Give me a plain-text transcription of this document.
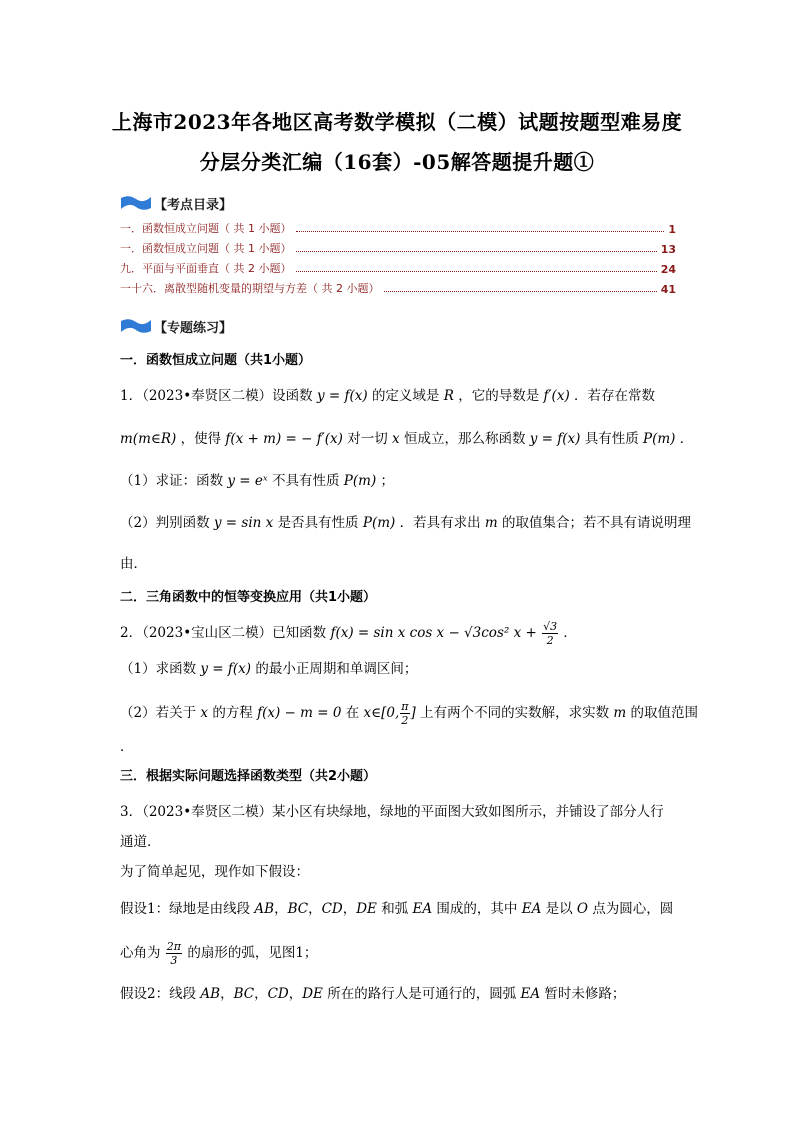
上海市2023年各地区高考数学模拟（二模）试题按题型难易度
分层分类汇编（16套）-05解答题提升题①
【考点目录】
一．函数恒成立问题（ 共 1 小题）	1
一．函数恒成立问题（ 共 1 小题）	13
九．平面与平面垂直（ 共 2 小题）	24
一十六．离散型随机变量的期望与方差（ 共 2 小题）	41
【专题练习】
一．函数恒成立问题（共1小题）
1．（2023•奉贤区二模）设函数 y = f(x) 的定义域是 R ，它的导数是 f′(x) ．若存在常数
m(m∈R) ，使得 f(x + m) = − f′(x) 对一切 x 恒成立，那么称函数 y = f(x) 具有性质 P(m) ．
（1）求证：函数 y = eˣ 不具有性质 P(m) ；
（2）判别函数 y = sin x 是否具有性质 P(m) ．若具有求出 m 的取值集合；若不具有请说明理
由．
二．三角函数中的恒等变换应用（共1小题）
2．（2023•宝山区二模）已知函数 f(x) = sin x cos x − √3cos² $x + \frac{√3}{2}$ ．
（1）求函数 y = f(x) 的最小正周期和单调区间；
（2）若关于 x 的方程 f(x) − m = 0 在 x∈[0, $\frac{\pi}{2}$ ] 上有两个不同的实数解，求实数 m 的取值范围
．
三．根据实际问题选择函数类型（共2小题）
3．（2023•奉贤区二模）某小区有块绿地，绿地的平面图大致如图所示，并铺设了部分人行
通道．
为了简单起见，现作如下假设：
假设1：绿地是由线段 AB，BC，CD，DE 和弧 EA 围成的，其中 EA 是以 O 点为圆心，圆
心角为 $\frac{2\pi}{3}$ 的扇形的弧，见图1；
假设2：线段 AB，BC，CD，DE 所在的路行人是可通行的，圆弧 EA 暂时未修路；
